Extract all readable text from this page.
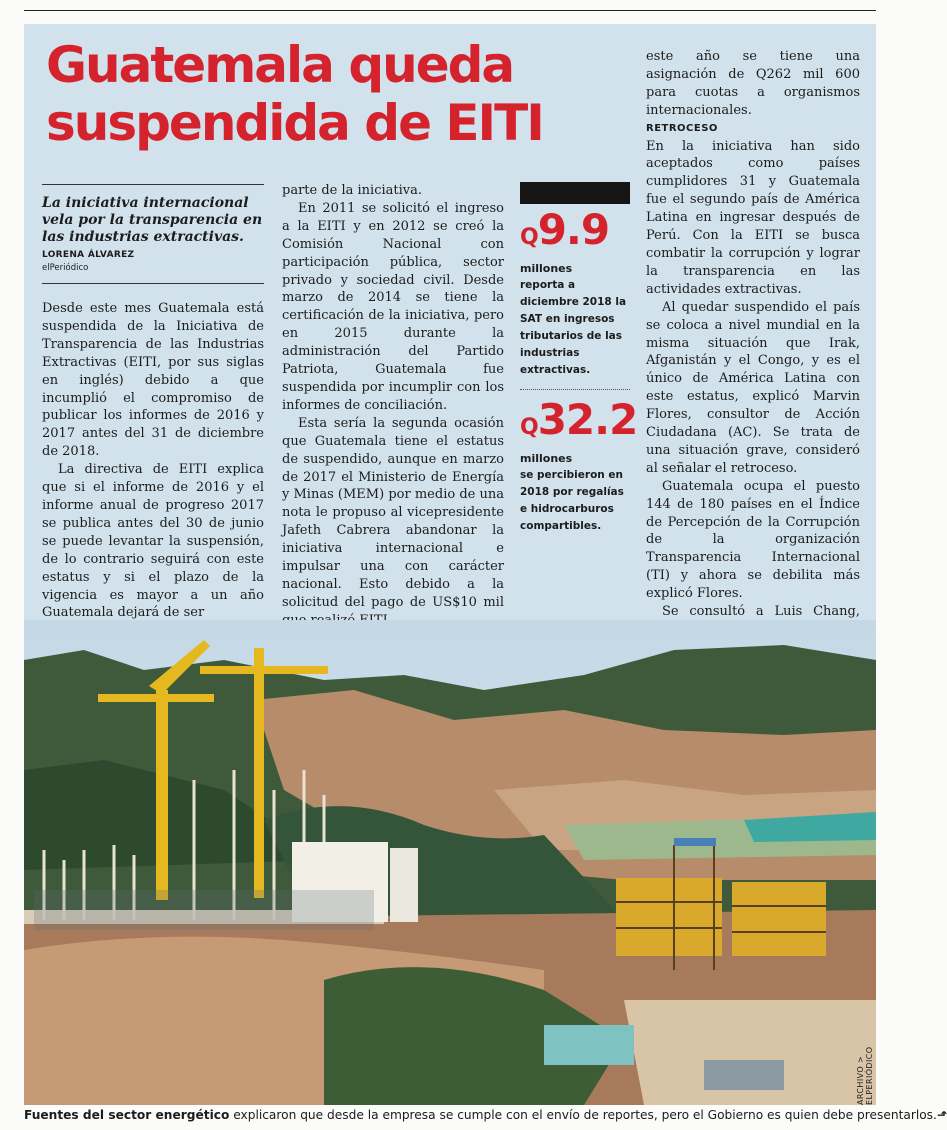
Guatemala queda suspendida de EITI

La iniciativa internacional vela por la transparencia en las industrias extractivas.

LORENA ÁLVAREZ

elPeriódico

Desde este mes Guatemala está suspendida de la Iniciativa de Transparencia de las Industrias Extractivas (EITI, por sus siglas en inglés) debido a que incumplió el compromiso de publicar los informes de 2016 y 2017 antes del 31 de diciembre de 2018.

La directiva de EITI explica que si el informe de 2016 y el informe anual de progreso 2017 se publica antes del 30 de junio se puede levantar la suspensión, de lo contrario seguirá con este estatus y si el plazo de la vigencia es mayor a un año Guatemala dejará de ser

parte de la iniciativa.

En 2011 se solicitó el ingreso a la EITI y en 2012 se creó la Comisión Nacional con participación pública, sector privado y sociedad civil. Desde marzo de 2014 se tiene la certificación de la iniciativa, pero en 2015 durante la administración del Partido Patriota, Guatemala fue suspendida por incumplir con los informes de conciliación.

Esta sería la segunda ocasión que Guatemala tiene el estatus de suspendido, aunque en marzo de 2017 el Ministerio de Energía y Minas (MEM) por medio de una nota le propuso al vicepresidente Jafeth Cabrera abandonar la iniciativa internacional e impulsar una con carácter nacional. Esto debido a la solicitud del pago de US$10 mil

Q9.9
millones
reporta a diciembre 2018 la SAT en ingresos tributarios de las industrias extractivas.
Q32.2
millones
se percibieron en 2018 por regalías e hidrocarburos compartibles.

este año se tiene una asignación de Q262 mil 600 para cuotas a organismos internacionales.

RETROCESO

En la iniciativa han sido aceptados como países cumplidores 31 y Guatemala fue el segundo país de América Latina en ingresar después de Perú. Con la EITI se busca combatir la corrupción y lograr la transparencia en las actividades extractivas.

Al quedar suspendido el país se coloca a nivel mundial en la misma situación que Irak, Afganistán y el Congo, y es el único de América Latina con este estatus, explicó Marvin Flores, consultor de Acción Ciudadana (AC). Se trata de una situación grave, consideró al señalar el retroceso.

Guatemala ocupa el puesto 144 de 180 países en el Índice de Percepción de la Corrupción de la organización Transparencia Internacional (TI) y ahora se debilita más explicó Flores.

Se consultó a Luis Chang,

ARCHIVO > ELPERIÓDICO

Fuentes del sector energético explicaron que desde la empresa se cumple con el envío de reportes, pero el Gobierno es quien debe presentarlos.⬏
